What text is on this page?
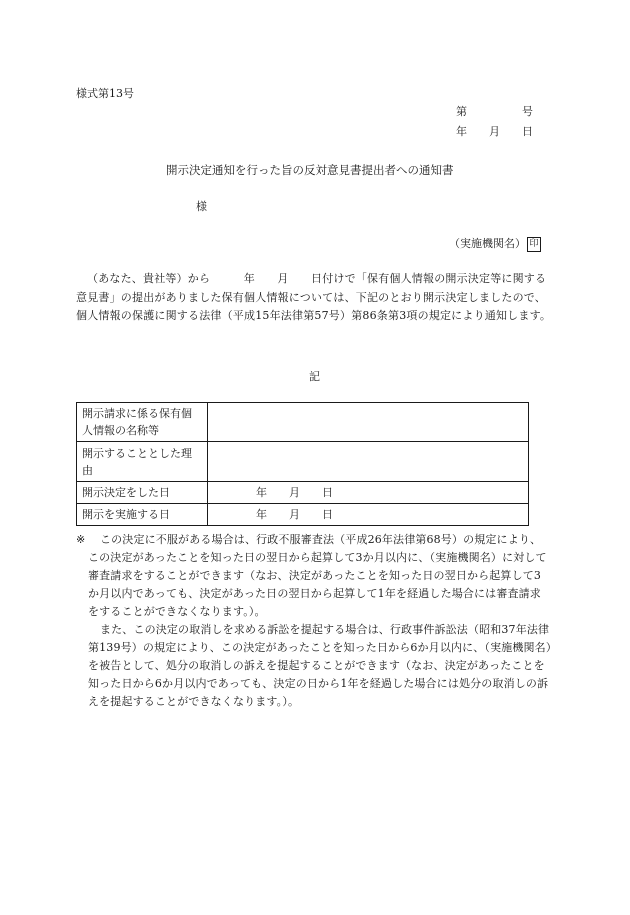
様式第13号
第　　　　　号
年　　月　　日
開示決定通知を行った旨の反対意見書提出者への通知書
様
（実施機関名） 印

（あなた、貴社等）から　　　年　　月　　日付けで「保有個人情報の開示決定等に関する意見書」の提出がありました保有個人情報については、下記のとおり開示決定しましたので、個人情報の保護に関する法律（平成15年法律第57号）第86条第3項の規定により通知します。

記
開示請求に係る保有個人情報の名称等	
開示することとした理由	
開示決定をした日	年　　月　　日
開示を実施する日	年　　月　　日
※	この決定に不服がある場合は、行政不服審査法（平成26年法律第68号）の規定により、この決定があったことを知った日の翌日から起算して3か月以内に、（実施機関名）に対して審査請求をすることができます（なお、決定があったことを知った日の翌日から起算して3か月以内であっても、決定があった日の翌日から起算して1年を経過した場合には審査請求をすることができなくなります。）。

また、この決定の取消しを求める訴訟を提起する場合は、行政事件訴訟法（昭和37年法律第139号）の規定により、この決定があったことを知った日から6か月以内に、（実施機関名）を被告として、処分の取消しの訴えを提起することができます（なお、決定があったことを知った日から6か月以内であっても、決定の日から1年を経過した場合には処分の取消しの訴えを提起することができなくなります。）。
